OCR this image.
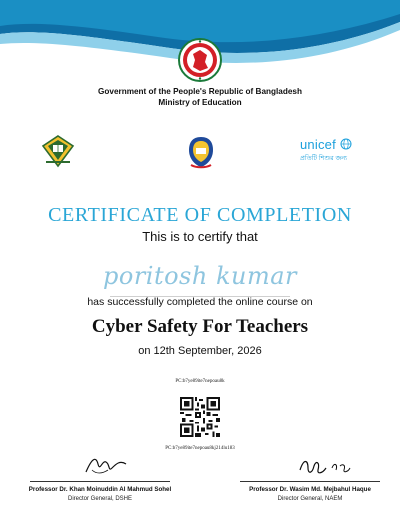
Government of the People's Republic of Bangladesh
Ministry of Education
unicef
প্রতিটি শিশুর জন্য
CERTIFICATE OF COMPLETION
This is to certify that
poritosh kumar
has successfully completed the online course on
Cyber Safety For Teachers
on 12th September, 2026
PC:b7ye89ite7nepoau8k
PC:b7ye89ite7nepoau8kj214lu183
Professor Dr. Khan Moinuddin Al Mahmud Sohel
Director General, DSHE
Professor Dr. Wasim Md. Mejbahul Haque
Director General, NAEM
